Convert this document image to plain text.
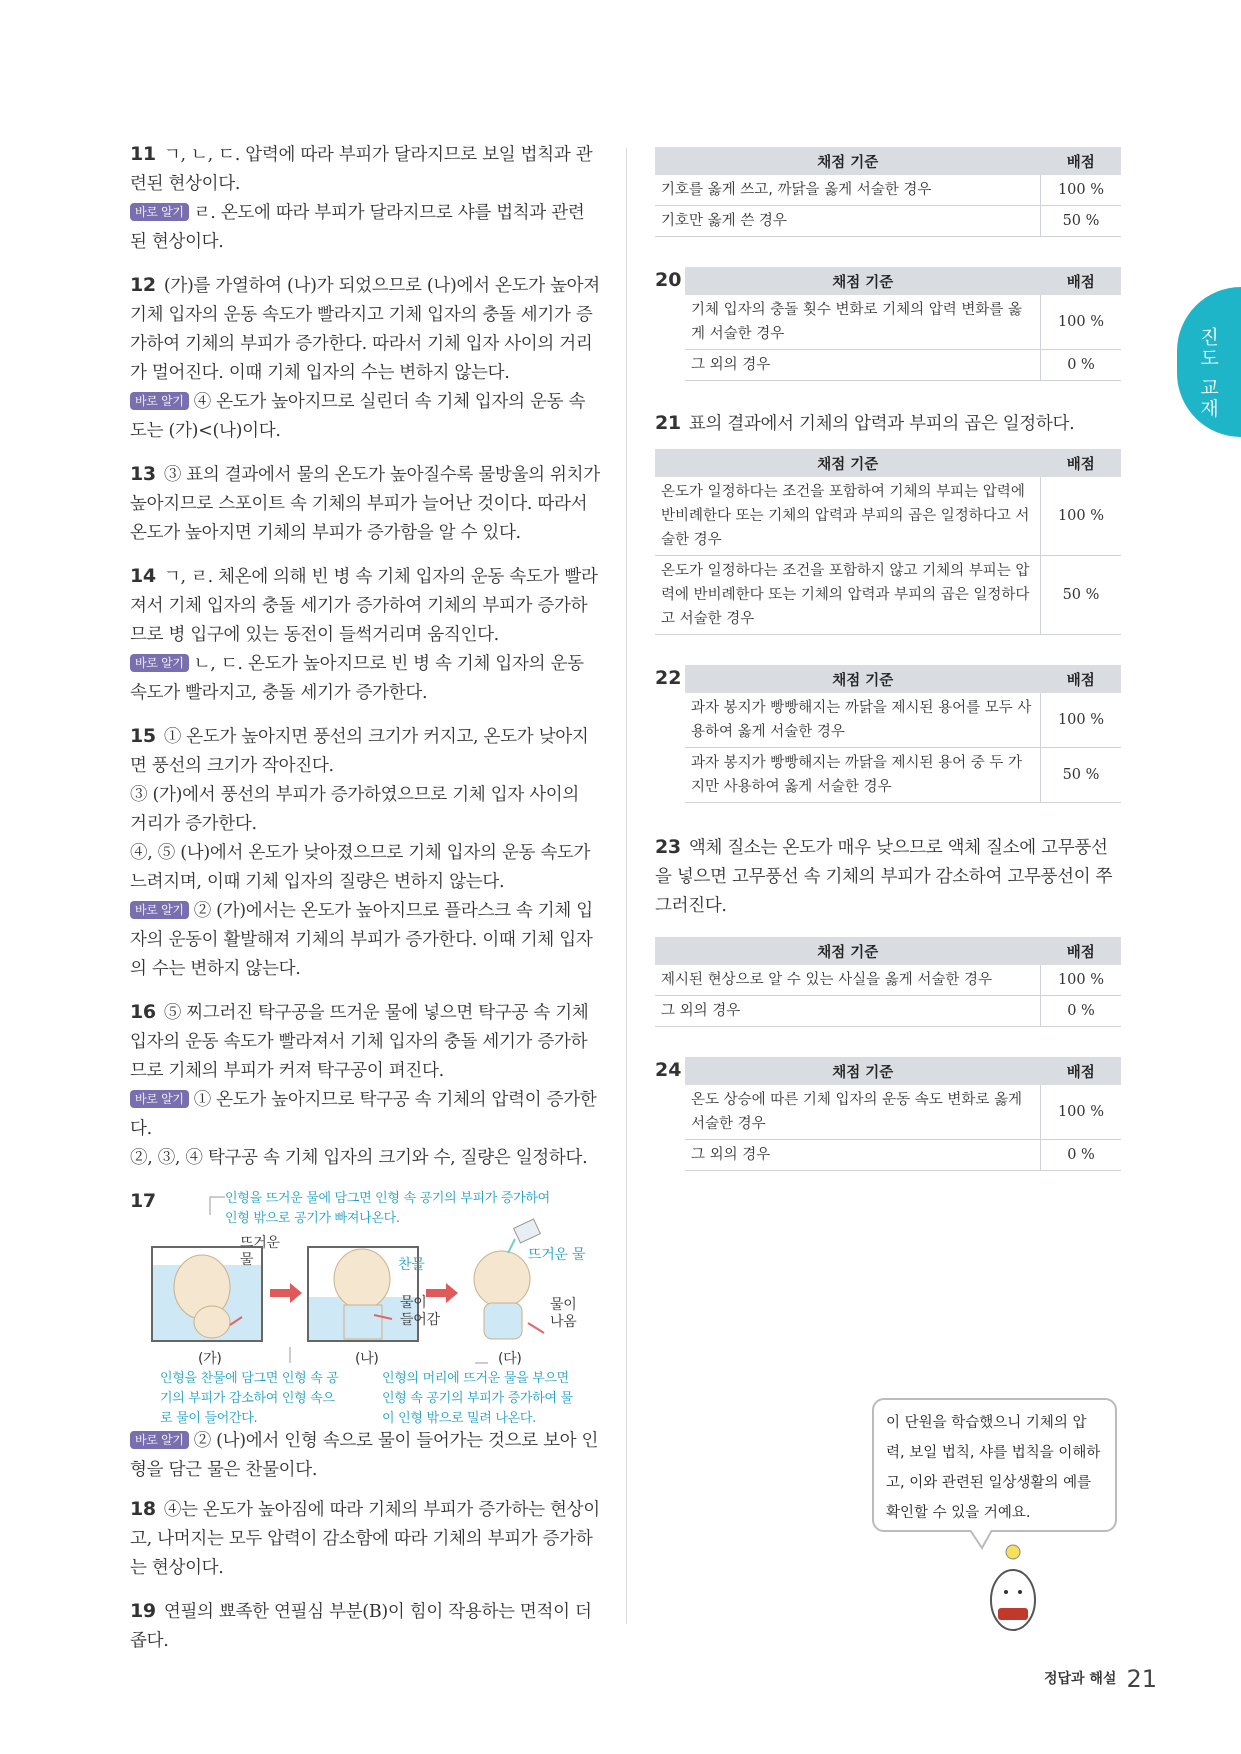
11 ㄱ, ㄴ, ㄷ. 압력에 따라 부피가 달라지므로 보일 법칙과 관련된 현상이다.

바로 알기 ㄹ. 온도에 따라 부피가 달라지므로 샤를 법칙과 관련된 현상이다.

12 (가)를 가열하여 (나)가 되었으므로 (나)에서 온도가 높아져 기체 입자의 운동 속도가 빨라지고 기체 입자의 충돌 세기가 증가하여 기체의 부피가 증가한다. 따라서 기체 입자 사이의 거리가 멀어진다. 이때 기체 입자의 수는 변하지 않는다.

바로 알기 ④ 온도가 높아지므로 실린더 속 기체 입자의 운동 속도는 (가)<(나)이다.

13 ③ 표의 결과에서 물의 온도가 높아질수록 물방울의 위치가 높아지므로 스포이트 속 기체의 부피가 늘어난 것이다. 따라서 온도가 높아지면 기체의 부피가 증가함을 알 수 있다.

14 ㄱ, ㄹ. 체온에 의해 빈 병 속 기체 입자의 운동 속도가 빨라져서 기체 입자의 충돌 세기가 증가하여 기체의 부피가 증가하므로 병 입구에 있는 동전이 들썩거리며 움직인다.

바로 알기 ㄴ, ㄷ. 온도가 높아지므로 빈 병 속 기체 입자의 운동 속도가 빨라지고, 충돌 세기가 증가한다.

15 ① 온도가 높아지면 풍선의 크기가 커지고, 온도가 낮아지면 풍선의 크기가 작아진다.

③ (가)에서 풍선의 부피가 증가하였으므로 기체 입자 사이의 거리가 증가한다.

④, ⑤ (나)에서 온도가 낮아졌으므로 기체 입자의 운동 속도가 느려지며, 이때 기체 입자의 질량은 변하지 않는다.

바로 알기 ② (가)에서는 온도가 높아지므로 플라스크 속 기체 입자의 운동이 활발해져 기체의 부피가 증가한다. 이때 기체 입자의 수는 변하지 않는다.

16 ⑤ 찌그러진 탁구공을 뜨거운 물에 넣으면 탁구공 속 기체 입자의 운동 속도가 빨라져서 기체 입자의 충돌 세기가 증가하므로 기체의 부피가 커져 탁구공이 펴진다.

바로 알기 ① 온도가 높아지므로 탁구공 속 기체의 압력이 증가한다.

②, ③, ④ 탁구공 속 기체 입자의 크기와 수, 질량은 일정하다.

17	인형을 뜨거운 물에 담그면 인형 속 공기의 부피가 증가하여 인형 밖으로 공기가 빠져나온다.
뜨거운 물	찬물
물이 들어감
뜨거운 물
물이 나옴
(가)	(나)	(다)
인형을 찬물에 담그면 인형 속 공기의 부피가 감소하여 인형 속으로 물이 들어간다.
인형의 머리에 뜨거운 물을 부으면 인형 속 공기의 부피가 증가하여 물이 인형 밖으로 밀려 나온다.

바로 알기 ② (나)에서 인형 속으로 물이 들어가는 것으로 보아 인형을 담근 물은 찬물이다.

18 ④는 온도가 높아짐에 따라 기체의 부피가 증가하는 현상이고, 나머지는 모두 압력이 감소함에 따라 기체의 부피가 증가하는 현상이다.

19 연필의 뾰족한 연필심 부분(B)이 힘이 작용하는 면적이 더 좁다.

채점 기준	배점
기호를 옳게 쓰고, 까닭을 옳게 서술한 경우	100 %
기호만 옳게 쓴 경우	50 %
20	채점 기준	배점
기체 입자의 충돌 횟수 변화로 기체의 압력 변화를 옳게 서술한 경우	100 %
그 외의 경우	0 %

21 표의 결과에서 기체의 압력과 부피의 곱은 일정하다.

채점 기준	배점
온도가 일정하다는 조건을 포함하여 기체의 부피는 압력에 반비례한다 또는 기체의 압력과 부피의 곱은 일정하다고 서술한 경우	100 %
온도가 일정하다는 조건을 포함하지 않고 기체의 부피는 압력에 반비례한다 또는 기체의 압력과 부피의 곱은 일정하다고 서술한 경우	50 %
22	채점 기준	배점
과자 봉지가 빵빵해지는 까닭을 제시된 용어를 모두 사용하여 옳게 서술한 경우	100 %
과자 봉지가 빵빵해지는 까닭을 제시된 용어 중 두 가지만 사용하여 옳게 서술한 경우	50 %

23 액체 질소는 온도가 매우 낮으므로 액체 질소에 고무풍선을 넣으면 고무풍선 속 기체의 부피가 감소하여 고무풍선이 쭈그러진다.

채점 기준	배점
제시된 현상으로 알 수 있는 사실을 옳게 서술한 경우	100 %
그 외의 경우	0 %
24	채점 기준	배점
온도 상승에 따른 기체 입자의 운동 속도 변화로 옳게 서술한 경우	100 %
그 외의 경우	0 %
진도 교재
이 단원을 학습했으니 기체의 압력, 보일 법칙, 샤를 법칙을 이해하고, 이와 관련된 일상생활의 예를 확인할 수 있을 거예요.
정답과 해설 21
